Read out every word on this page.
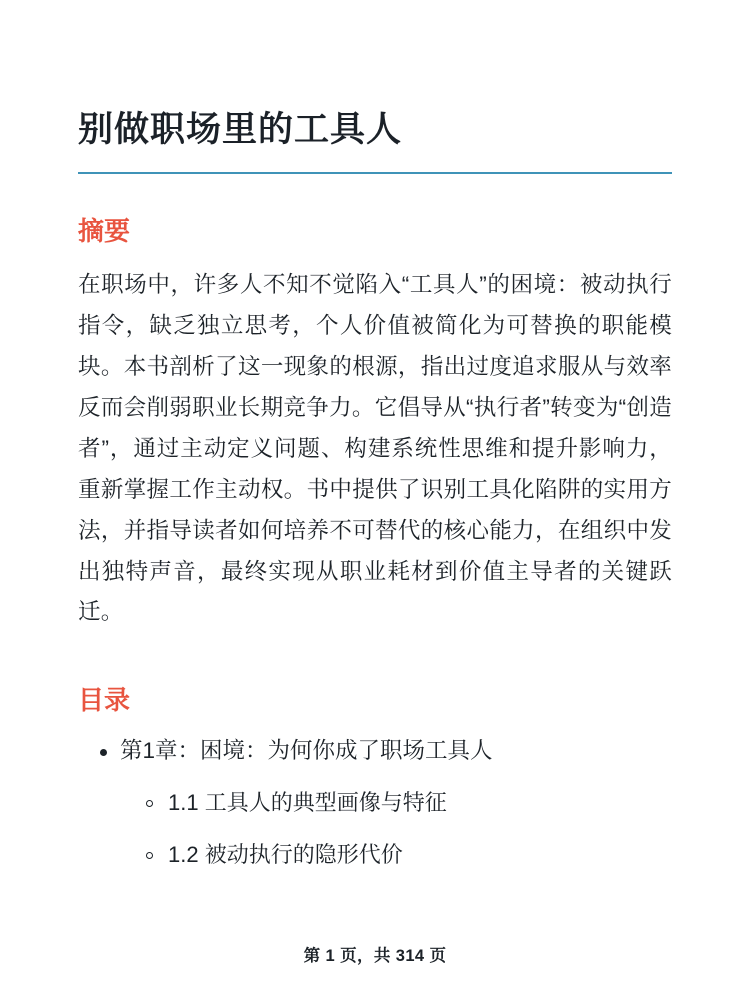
别做职场里的工具人
摘要

在职场中，许多人不知不觉陷入“工具人”的困境：被动执行指令，缺乏独立思考，个人价值被简化为可替换的职能模块。本书剖析了这一现象的根源，指出过度追求服从与效率反而会削弱职业长期竞争力。它倡导从“执行者”转变为“创造者”，通过主动定义问题、构建系统性思维和提升影响力，重新掌握工作主动权。书中提供了识别工具化陷阱的实用方法，并指导读者如何培养不可替代的核心能力，在组织中发出独特声音，最终实现从职业耗材到价值主导者的关键跃迁。

目录
第1章：困境：为何你成了职场工具人
1.1 工具人的典型画像与特征
1.2 被动执行的隐形代价
第 1 页，共 314 页
